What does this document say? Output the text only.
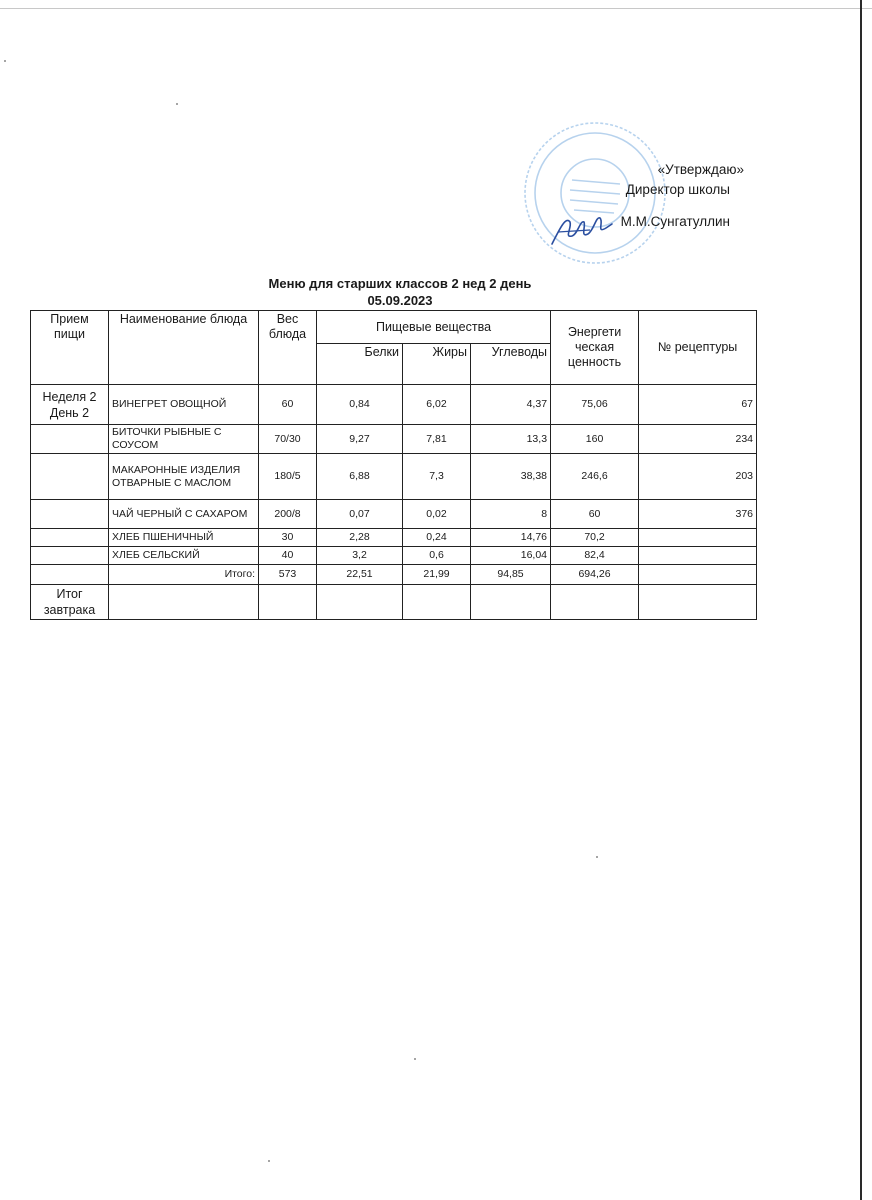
«Утверждаю»
Директор школы
М.М.Сунгатуллин
Меню для старших классов 2 нед 2 день
05.09.2023
Прием пищи	Наименование блюда	Вес блюда	Пищевые вещества			Энергети ческая ценность	№ рецептуры
			Белки	Жиры	Углеводы		
Неделя 2 День 2	ВИНЕГРЕТ ОВОЩНОЙ	60	0,84	6,02	4,37	75,06	67
	БИТОЧКИ РЫБНЫЕ С СОУСОМ	70/30	9,27	7,81	13,3	160	234
	МАКАРОННЫЕ ИЗДЕЛИЯ ОТВАРНЫЕ С МАСЛОМ	180/5	6,88	7,3	38,38	246,6	203
	ЧАЙ ЧЕРНЫЙ С САХАРОМ	200/8	0,07	0,02	8	60	376
	ХЛЕБ ПШЕНИЧНЫЙ	30	2,28	0,24	14,76	70,2	
	ХЛЕБ СЕЛЬСКИЙ	40	3,2	0,6	16,04	82,4	
	Итого:	573	22,51	21,99	94,85	694,26	
Итог завтрака							
